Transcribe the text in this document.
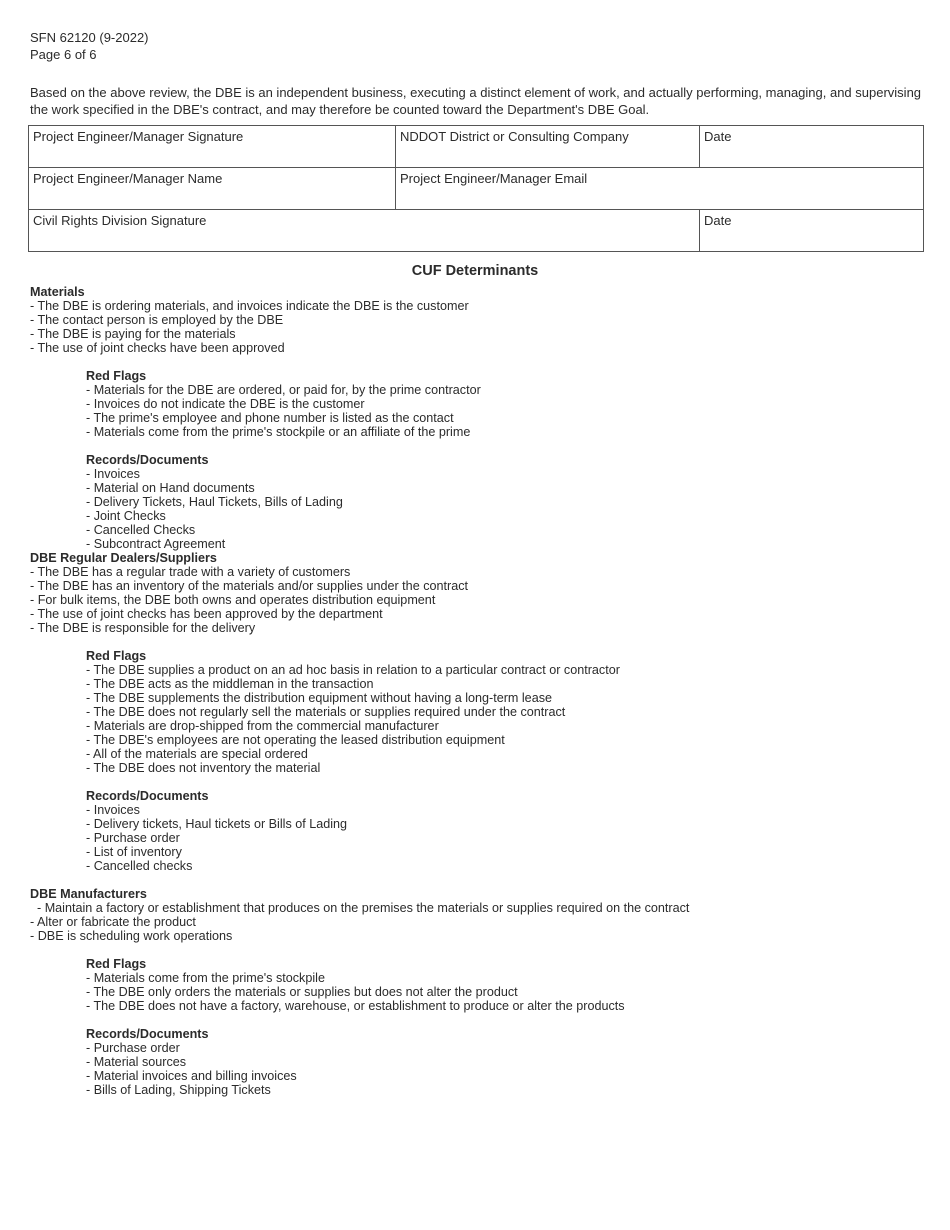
SFN 62120 (9-2022)
Page 6 of 6
Based on the above review, the DBE is an independent business, executing a distinct element of work, and actually performing, managing, and supervising the work specified in the DBE's contract, and may therefore be counted toward the Department's DBE Goal.
Project Engineer/Manager Signature	NDDOT District or Consulting Company	Date
Project Engineer/Manager Name	Project Engineer/Manager Email	
Civil Rights Division Signature		Date
CUF Determinants

Materials

- The DBE is ordering materials, and invoices indicate the DBE is the customer

- The contact person is employed by the DBE

- The DBE is paying for the materials

- The use of joint checks have been approved

Red Flags

- Materials for the DBE are ordered, or paid for, by the prime contractor

- Invoices do not indicate the DBE is the customer

- The prime's employee and phone number is listed as the contact

- Materials come from the prime's stockpile or an affiliate of the prime

Records/Documents

- Invoices

- Material on Hand documents

- Delivery Tickets, Haul Tickets, Bills of Lading

- Joint Checks

- Cancelled Checks

- Subcontract Agreement

DBE Regular Dealers/Suppliers

- The DBE has a regular trade with a variety of customers

- The DBE has an inventory of the materials and/or supplies under the contract

- For bulk items, the DBE both owns and operates distribution equipment

- The use of joint checks has been approved by the department

- The DBE is responsible for the delivery

Red Flags

- The DBE supplies a product on an ad hoc basis in relation to a particular contract or contractor

- The DBE acts as the middleman in the transaction

- The DBE supplements the distribution equipment without having a long-term lease

- The DBE does not regularly sell the materials or supplies required under the contract

- Materials are drop-shipped from the commercial manufacturer

- The DBE's employees are not operating the leased distribution equipment

- All of the materials are special ordered

- The DBE does not inventory the material

Records/Documents

- Invoices

- Delivery tickets, Haul tickets or Bills of Lading

- Purchase order

- List of inventory

- Cancelled checks

DBE Manufacturers

- Maintain a factory or establishment that produces on the premises the materials or supplies required on the contract

- Alter or fabricate the product

- DBE is scheduling work operations

Red Flags

- Materials come from the prime's stockpile

- The DBE only orders the materials or supplies but does not alter the product

- The DBE does not have a factory, warehouse, or establishment to produce or alter the products

Records/Documents

- Purchase order

- Material sources

- Material invoices and billing invoices

- Bills of Lading, Shipping Tickets
